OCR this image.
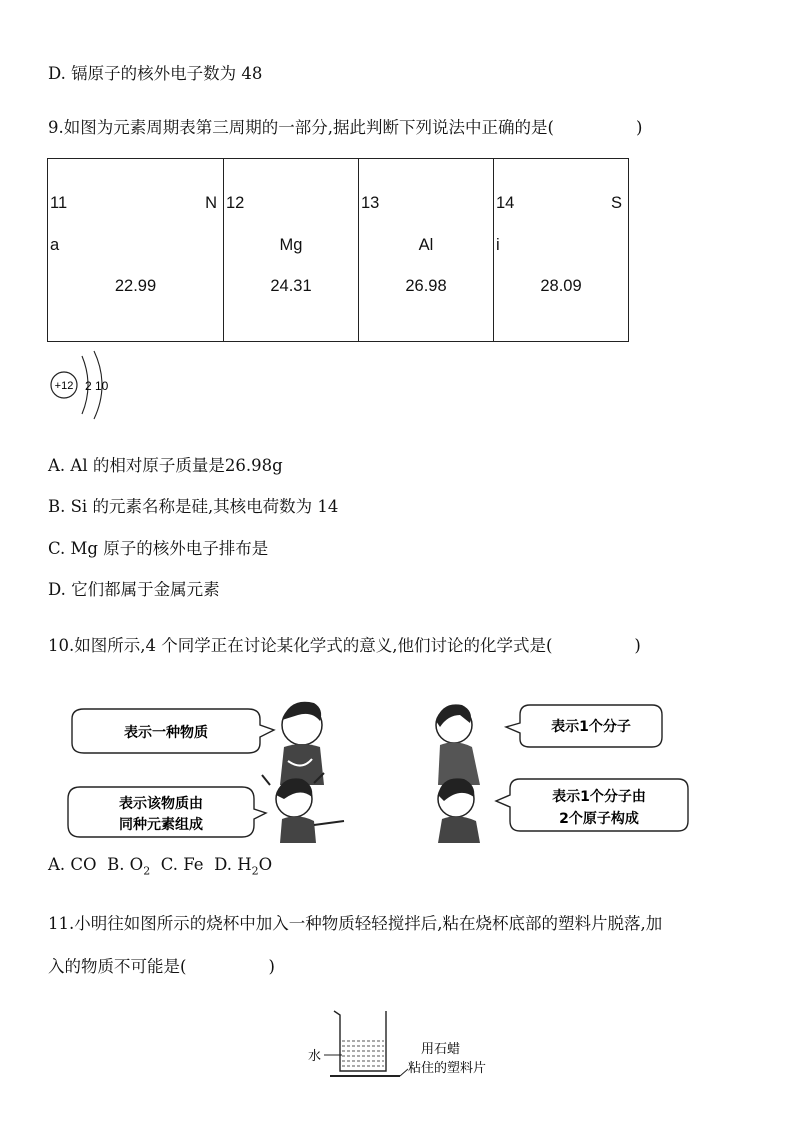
D. 镉原子的核外电子数为 48
9.如图为元素周期表第三周期的一部分,据此判断下列说法中正确的是(	)
11	N
a
22.99

12
Mg
24.31

13
Al
26.98

14	S
i
28.09
+12 2 10
A. Al 的相对原子质量是26.98g
B. Si 的元素名称是硅,其核电荷数为 14
C. Mg 原子的核外电子排布是
D. 它们都属于金属元素
10.如图所示,4 个同学正在讨论某化学式的意义,他们讨论的化学式是(	)
表示一种物质	表示1个分子
表示该物质由
同种元素组成
表示1个分子由
2个原子构成
A. CO B. $O_2$ C. Fe D. $H_2O$
11.小明往如图所示的烧杯中加入一种物质轻轻搅拌后,粘在烧杯底部的塑料片脱落,加
入的物质不可能是(	)
水	用石蜡
粘住的塑料片
